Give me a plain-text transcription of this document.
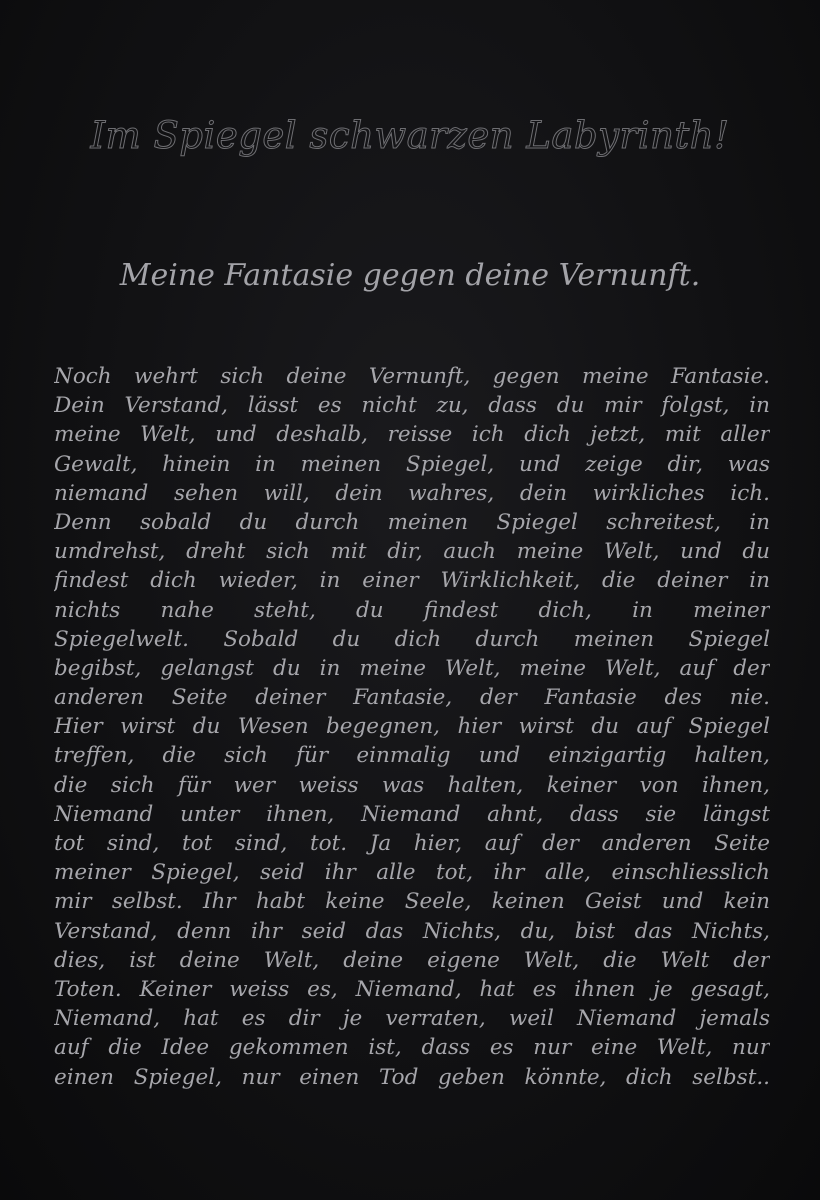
Im Spiegel schwarzen Labyrinth!
Meine Fantasie gegen deine Vernunft.
Noch wehrt sich deine Vernunft, gegen meine Fantasie.
Dein Verstand, lässt es nicht zu, dass du mir folgst, in
meine Welt, und deshalb, reisse ich dich jetzt, mit aller
Gewalt, hinein in meinen Spiegel, und zeige dir, was
niemand sehen will, dein wahres, dein wirkliches ich.
Denn sobald du durch meinen Spiegel schreitest, in
umdrehst, dreht sich mit dir, auch meine Welt, und du
findest dich wieder, in einer Wirklichkeit, die deiner in
nichts nahe steht, du findest dich, in meiner
Spiegelwelt. Sobald du dich durch meinen Spiegel
begibst, gelangst du in meine Welt, meine Welt, auf der
anderen Seite deiner Fantasie, der Fantasie des nie.
Hier wirst du Wesen begegnen, hier wirst du auf Spiegel
treffen, die sich für einmalig und einzigartig halten,
die sich für wer weiss was halten, keiner von ihnen,
Niemand unter ihnen, Niemand ahnt, dass sie längst
tot sind, tot sind, tot. Ja hier, auf der anderen Seite
meiner Spiegel, seid ihr alle tot, ihr alle, einschliesslich
mir selbst. Ihr habt keine Seele, keinen Geist und kein
Verstand, denn ihr seid das Nichts, du, bist das Nichts,
dies, ist deine Welt, deine eigene Welt, die Welt der
Toten. Keiner weiss es, Niemand, hat es ihnen je gesagt,
Niemand, hat es dir je verraten, weil Niemand jemals
auf die Idee gekommen ist, dass es nur eine Welt, nur
einen Spiegel, nur einen Tod geben könnte, dich selbst..
